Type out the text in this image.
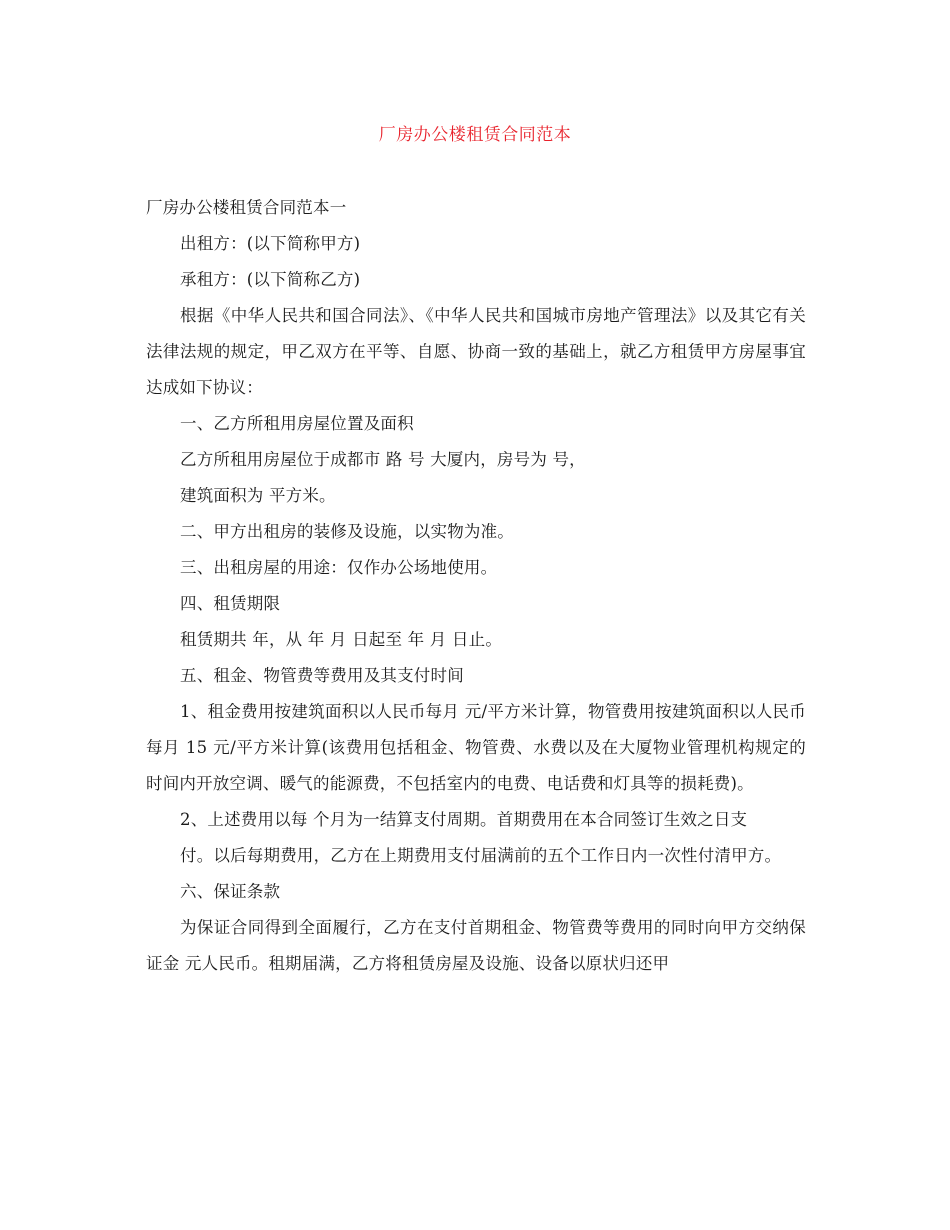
厂房办公楼租赁合同范本

厂房办公楼租赁合同范本一

出租方：(以下简称甲方)

承租方：(以下简称乙方)

根据《中华人民共和国合同法》、《中华人民共和国城市房地产管理法》以及其它有关法律法规的规定，甲乙双方在平等、自愿、协商一致的基础上，就乙方租赁甲方房屋事宜达成如下协议：

一、乙方所租用房屋位置及面积

乙方所租用房屋位于成都市 路 号 大厦内，房号为 号，

建筑面积为 平方米。

二、甲方出租房的装修及设施，以实物为准。

三、出租房屋的用途：仅作办公场地使用。

四、租赁期限

租赁期共 年，从 年 月 日起至 年 月 日止。

五、租金、物管费等费用及其支付时间

1、租金费用按建筑面积以人民币每月 元/平方米计算，物管费用按建筑面积以人民币每月 15 元/平方米计算(该费用包括租金、物管费、水费以及在大厦物业管理机构规定的时间内开放空调、暖气的能源费，不包括室内的电费、电话费和灯具等的损耗费)。

2、上述费用以每 个月为一结算支付周期。首期费用在本合同签订生效之日支

付。以后每期费用，乙方在上期费用支付届满前的五个工作日内一次性付清甲方。

六、保证条款

为保证合同得到全面履行，乙方在支付首期租金、物管费等费用的同时向甲方交纳保证金 元人民币。租期届满，乙方将租赁房屋及设施、设备以原状归还甲
